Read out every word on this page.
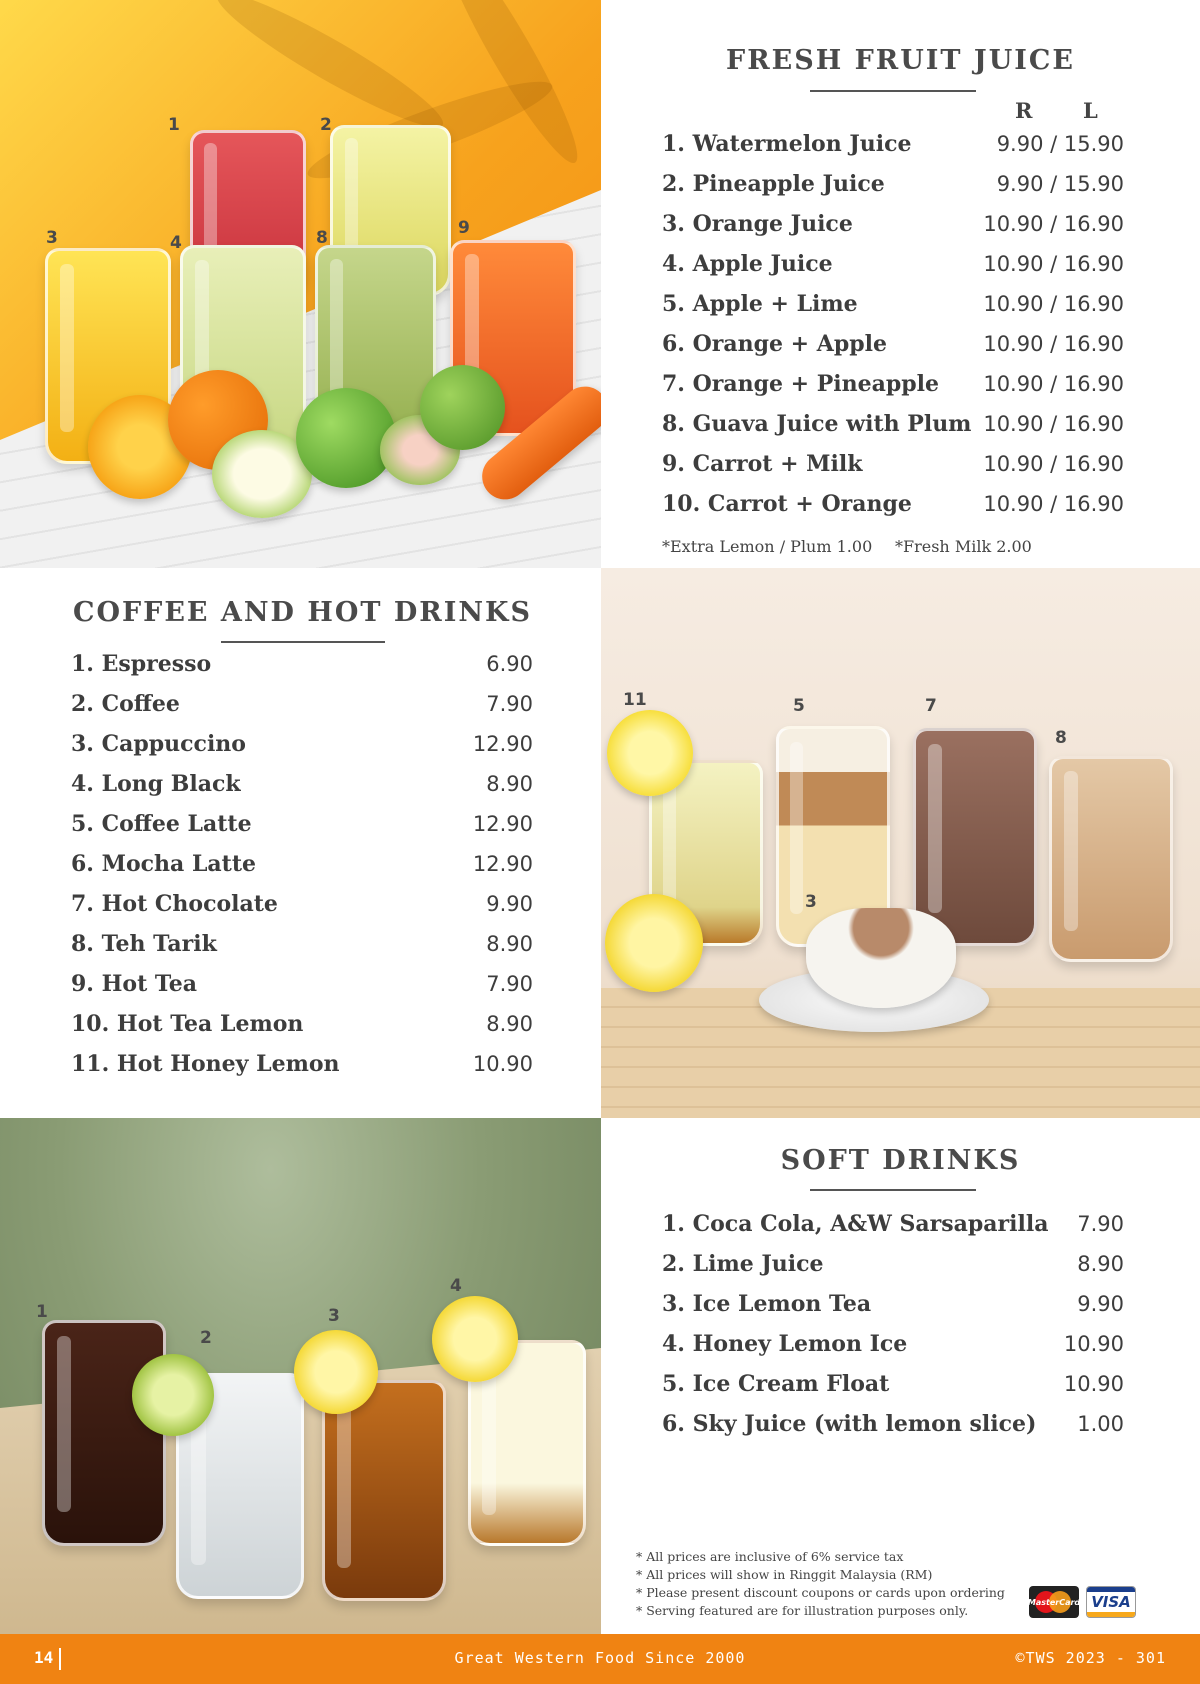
1	2
3	4	8	9
FRESH FRUIT JUICE
R L
1. Watermelon Juice	9.90 / 15.90
2. Pineapple Juice	9.90 / 15.90
3. Orange Juice	10.90 / 16.90
4. Apple Juice	10.90 / 16.90
5. Apple + Lime	10.90 / 16.90
6. Orange + Apple	10.90 / 16.90
7. Orange + Pineapple 10.90 / 16.90
8. Guava Juice with Plum 10.90 / 16.90
9. Carrot + Milk	10.90 / 16.90
10. Carrot + Orange	10.90 / 16.90
*Extra Lemon / Plum 1.00 *Fresh Milk 2.00
COFFEE AND HOT DRINKS
1. Espresso	6.90
2. Coffee	7.90
3. Cappuccino	12.90
4. Long Black	8.90
5. Coffee Latte	12.90
6. Mocha Latte	12.90
7. Hot Chocolate	9.90
8. Teh Tarik	8.90
9. Hot Tea	7.90
10. Hot Tea Lemon	8.90
11. Hot Honey Lemon	10.90
11	5	7
8
3
1
2
3
4
SOFT DRINKS
1. Coca Cola, A&W Sarsaparilla 7.90
2. Lime Juice	8.90
3. Ice Lemon Tea	9.90
4. Honey Lemon Ice	10.90
5. Ice Cream Float	10.90
6. Sky Juice (with lemon slice) 1.00
* All prices are inclusive of 6% service tax
* All prices will show in Ringgit Malaysia (RM)
* Please present discount coupons or cards upon ordering
* Serving featured are for illustration purposes only.
MasterCard VISA
14	Great Western Food Since 2000	©TWS 2023 - 301
